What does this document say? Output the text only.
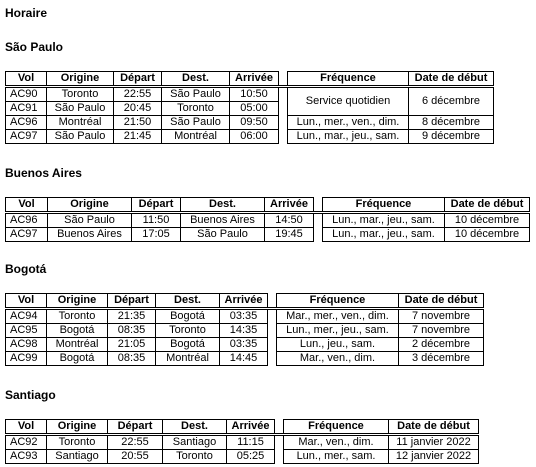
Horaire
São Paulo
Vol	Origine	Départ	Dest.	Arrivée		Fréquence	Date de début
AC90	Toronto	22:55	São Paulo	10:50		Service quotidien	6 décembre
AC91	São Paulo	20:45	Toronto	05:00			
AC96	Montréal	21:50	São Paulo	09:50		Lun., mer., ven., dim.	8 décembre
AC97	São Paulo	21:45	Montréal	06:00		Lun., mar., jeu., sam.	9 décembre
Buenos Aires
Vol	Origine	Départ	Dest.	Arrivée		Fréquence	Date de début
AC96	São Paulo	11:50	Buenos Aires	14:50		Lun., mar., jeu., sam.	10 décembre
AC97	Buenos Aires	17:05	São Paulo	19:45		Lun., mar., jeu., sam.	10 décembre
Bogotá
Vol	Origine	Départ	Dest.	Arrivée		Fréquence	Date de début
AC94	Toronto	21:35	Bogotá	03:35		Mar., mer., ven., dim.	7 novembre
AC95	Bogotá	08:35	Toronto	14:35		Lun., mer., jeu., sam.	7 novembre
AC98	Montréal	21:05	Bogotá	03:35		Lun., jeu., sam.	2 décembre
AC99	Bogotá	08:35	Montréal	14:45		Mar., ven., dim.	3 décembre
Santiago
Vol	Origine	Départ	Dest.	Arrivée		Fréquence	Date de début
AC92	Toronto	22:55	Santiago	11:15		Mar., ven., dim.	11 janvier 2022
AC93	Santiago	20:55	Toronto	05:25		Lun., mer., sam.	12 janvier 2022
